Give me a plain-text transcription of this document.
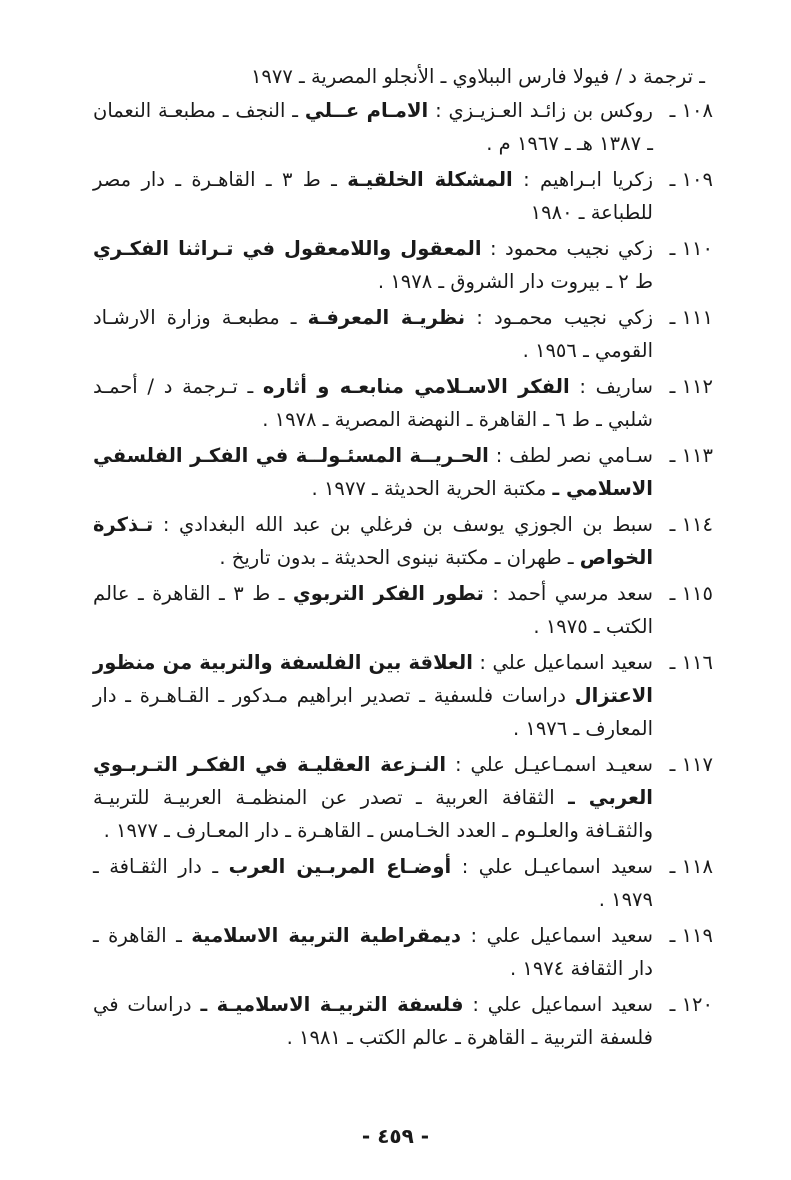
ـ ترجمة د / فيولا فارس الببلاوي ـ الأنجلو المصرية ـ ١٩٧٧
١٠٨ ـ
روكس بن زائـد العـزيـزي : الامـام عــلي ـ النجف ـ مطبعـة النعمان ـ ١٣٨٧ هـ ـ ١٩٦٧ م .
١٠٩ ـ
زكريا ابـراهيم : المشكلة الخلقيـة ـ ط ٣ ـ القاهـرة ـ دار مصر للطباعة ـ ١٩٨٠
١١٠ ـ
زكي نجيب محمود : المعقول واللامعقول في تـراثنا الفكـري ط ٢ ـ بيروت دار الشروق ـ ١٩٧٨ .
١١١ ـ
زكي نجيب محمـود : نظريـة المعرفـة ـ مطبعـة وزارة الارشـاد القومي ـ ١٩٥٦ .
١١٢ ـ
ساريف : الفكر الاسـلامي منابعـه و أثاره ـ تـرجمة د / أحمـد شلبي ـ ط ٦ ـ القاهرة ـ النهضة المصرية ـ ١٩٧٨ .
١١٣ ـ
سـامي نصر لطف : الحـريــة المسئـولــة في الفكـر الفلسفي الاسلامي ـ مكتبة الحرية الحديثة ـ ١٩٧٧ .
١١٤ ـ
سبط بن الجوزي يوسف بن فرغلي بن عبد الله البغدادي : تـذكرة الخواص ـ طهران ـ مكتبة نينوى الحديثة ـ بدون تاريخ .
١١٥ ـ
سعد مرسي أحمد : تطور الفكر التربوي ـ ط ٣ ـ القاهرة ـ عالم الكتب ـ ١٩٧٥ .
١١٦ ـ
سعيد اسماعيل علي : العلاقة بين الفلسفة والتربية من منظور الاعتزال دراسات فلسفية ـ تصدير ابراهيم مـدكور ـ القـاهـرة ـ دار المعارف ـ ١٩٧٦ .
١١٧ ـ
سعيـد اسمـاعيـل علي : النـزعة العقليـة في الفكـر التـربـوي العربي ـ الثقافة العربية ـ تصدر عن المنظمـة العربيـة للتربيـة والثقـافة والعلـوم ـ العدد الخـامس ـ القاهـرة ـ دار المعـارف ـ ١٩٧٧ .
١١٨ ـ
سعيد اسماعيـل علي : أوضـاع المربـين العرب ـ دار الثقـافة ـ ١٩٧٩ .
١١٩ ـ
سعيد اسماعيل علي : ديمقراطية التربية الاسلامية ـ القاهرة ـ دار الثقافة ١٩٧٤ .
١٢٠ ـ
سعيد اسماعيل علي : فلسفة التربيـة الاسلاميـة ـ دراسات في فلسفة التربية ـ القاهرة ـ عالم الكتب ـ ١٩٨١ .
- ٤٥٩ -
